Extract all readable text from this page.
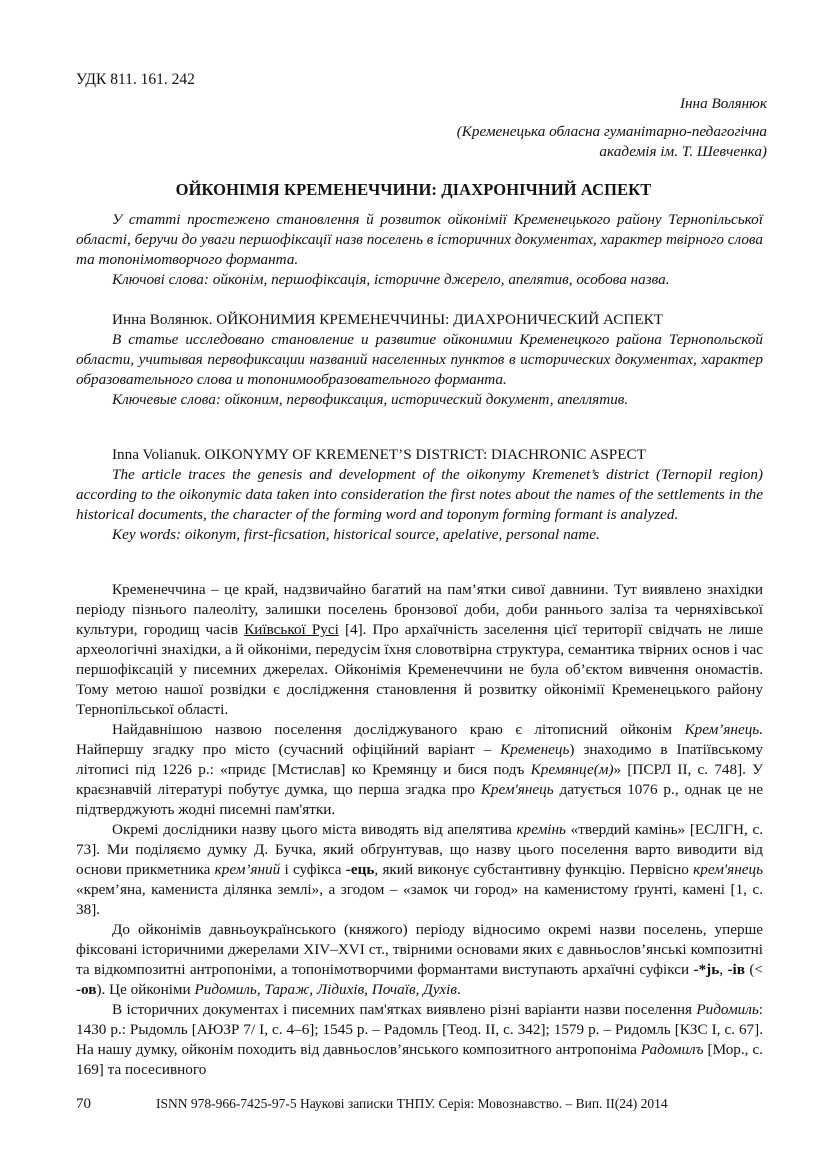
УДК 811. 161. 242
Інна Волянюк
(Кременецька обласна гуманітарно-педагогічна
академія ім. Т. Шевченка)
ОЙКОНІМІЯ КРЕМЕНЕЧЧИНИ: ДІАХРОНІЧНИЙ АСПЕКТ
У статті простежено становлення й розвиток ойконімії Кременецького району Тернопільської області, беручи до уваги першофіксації назв поселень в історичних документах, характер твірного слова та топонімотворчого форманта.
Ключові слова: ойконім, першофіксація, історичне джерело, апелятив, особова назва.
Инна Волянюк. ОЙКОНИМИЯ КРЕМЕНЕЧЧИНЫ: ДИАХРОНИЧЕСКИЙ АСПЕКТ
В статье исследовано становление и развитие ойконимии Кременецкого района Тернопольской области, учитывая первофиксации названий населенных пунктов в исторических документах, характер образовательного слова и топонимообразовательного форманта.
Ключевые слова: ойконим, первофиксация, исторический документ, апеллятив.
Inna Volianuk. OIKONYMY OF KREMENET’S DISTRICT: DIACHRONIC ASPECT
The article traces the genesis and development of the oikonymy Kremenet’s district (Ternopil region) according to the oikonymic data taken into consideration the first notes about the names of the settlements in the historical documents, the character of the forming word and toponym forming formant is analyzed.
Key words: oikonym, first-ficsation, historical source, apelative, personal name.

Кременеччина – це край, надзвичайно багатий на пам’ятки сивої давнини. Тут виявлено знахідки періоду пізнього палеоліту, залишки поселень бронзової доби, доби раннього заліза та черняхівської культури, городищ часів Київської Русі [4]. Про архаїчність заселення цієї території свідчать не лише археологічні знахідки, а й ойконіми, передусім їхня словотвірна структура, семантика твірних основ і час першофіксацій у писемних джерелах. Ойконімія Кременеччини не була об’єктом вивчення ономастів. Тому метою нашої розвідки є дослідження становлення й розвитку ойконімії Кременецького району Тернопільської області.

Найдавнішою назвою поселення досліджуваного краю є літописний ойконім Крем’янець. Найпершу згадку про місто (сучасний офіційний варіант – Кременець) знаходимо в Іпатіївському літописі під 1226 р.: «придє [Мстислав] ко Кремянцу и бися подъ Кремянце(м)» [ПСРЛ ІІ, с. 748]. У краєзнавчій літературі побутує думка, що перша згадка про Крем'янець датується 1076 р., однак це не підтверджують жодні писемні пам'ятки.

Окремі дослідники назву цього міста виводять від апелятива кремінь «твердий камінь» [ЕСЛГН, с. 73]. Ми поділяємо думку Д. Бучка, який обґрунтував, що назву цього поселення варто виводити від основи прикметника крем’яний і суфікса -ець, який виконує субстантивну функцію. Первісно крем'янець «крем’яна, камениста ділянка землі», а згодом – «замок чи город» на каменистому ґрунті, камені [1, с. 38].

До ойконімів давньоукраїнського (княжого) періоду відносимо окремі назви поселень, уперше фіксовані історичними джерелами XIV–XVI ст., твірними основами яких є давньослов’янські композитні та відкомпозитні антропоніми, а топонімотворчими формантами виступають архаїчні суфікси -*jь, -ів (< -ов). Це ойконіми Ридомиль, Тараж, Лідихів, Почаїв, Духів.

В історичних документах і писемних пам'ятках виявлено різні варіанти назви поселення Ридомиль: 1430 р.: Рыдомль [АЮЗР 7/ І, с. 4–6]; 1545 р. – Радомль [Теод. ІІ, с. 342]; 1579 р. – Ридомль [КЗС І, с. 67]. На нашу думку, ойконім походить від давньослов’янського композитного антропоніма Радомилъ [Мор., с. 169] та посесивного

70	ISNN 978-966-7425-97-5 Наукові записки ТНПУ. Серія: Мовознавство. – Вип. ІІ(24) 2014
